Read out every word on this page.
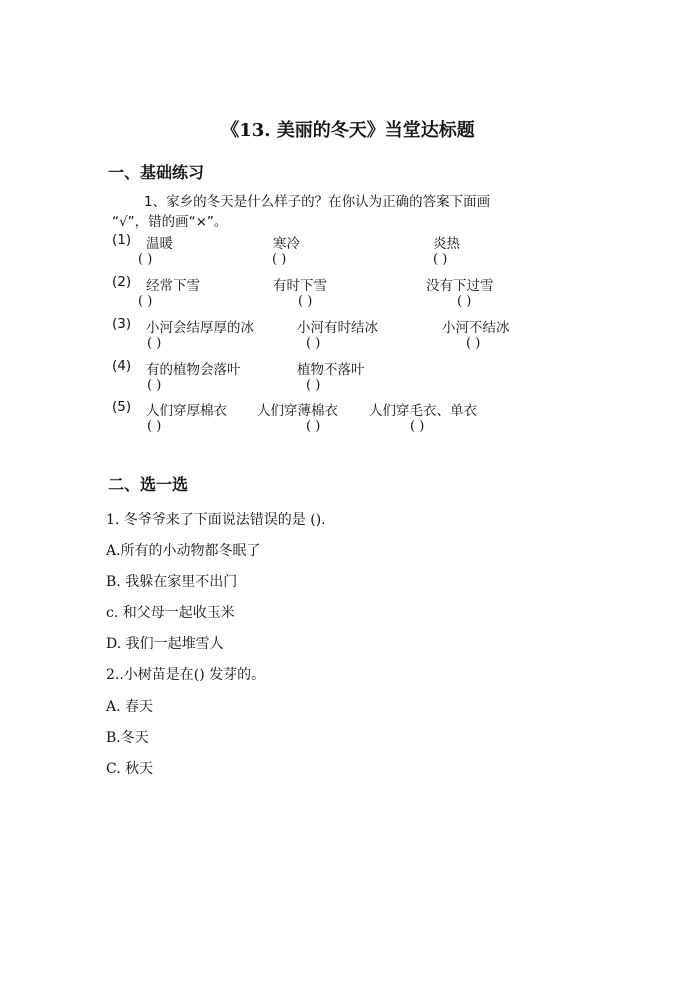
《13. 美丽的冬天》当堂达标题
一、基础练习
1、家乡的冬天是什么样子的？在你认为正确的答案下面画
“√”，错的画“×”。
(1) 温暖	寒冷	炎热
( )	( )	( )
(2) 经常下雪	有时下雪	没有下过雪
( )	( )	( )
(3) 小河会结厚厚的冰	小河有时结冰	小河不结冰
( )	( )	( )
(4) 有的植物会落叶	植物不落叶
( )	( )
(5) 人们穿厚棉衣 人们穿薄棉衣 人们穿毛衣、单衣
( )	( )	( )
二、选一选
1. 冬爷爷来了下面说法错误的是 ().
A.所有的小动物都冬眠了
B. 我躲在家里不出门
c. 和父母一起收玉米
D. 我们一起堆雪人
2..小树苗是在() 发芽的。
A. 春天
B.冬天
C. 秋天
